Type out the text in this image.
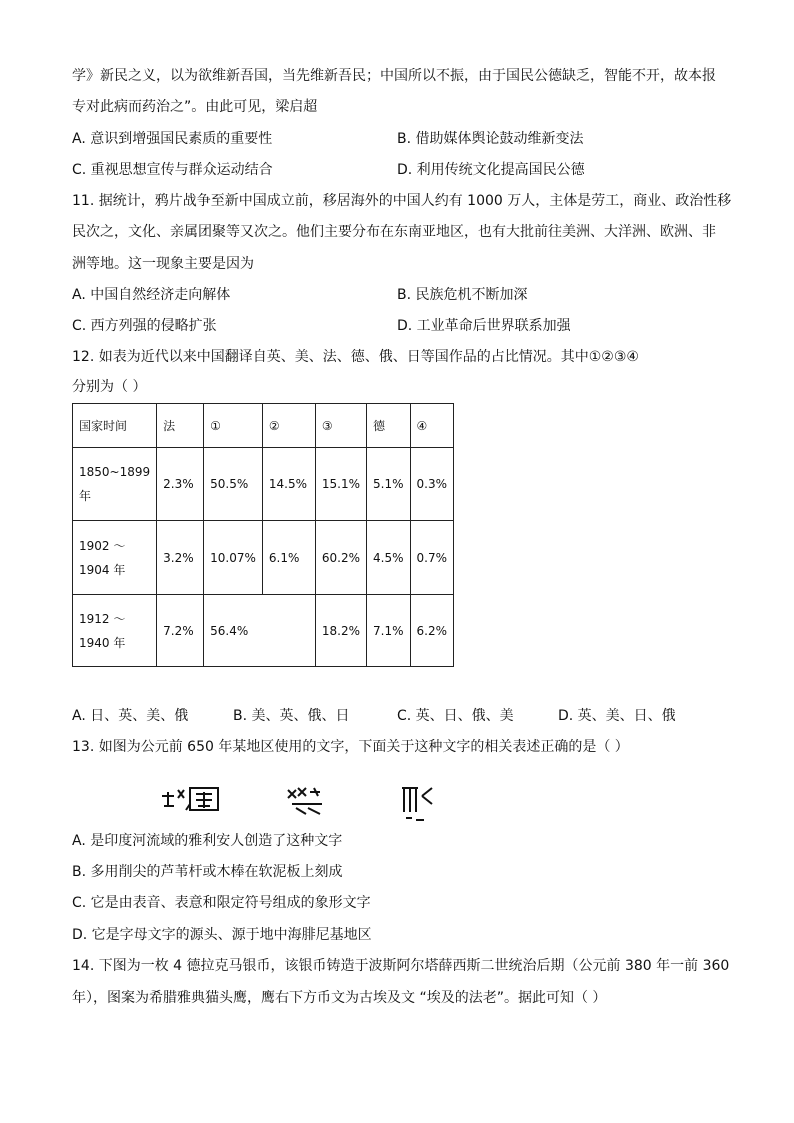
学》新民之义，以为欲维新吾国，当先维新吾民；中国所以不振，由于国民公德缺乏，智能不开，故本报
专对此病而药治之”。由此可见，梁启超
A. 意识到增强国民素质的重要性	B. 借助媒体舆论鼓动维新变法
C. 重视思想宣传与群众运动结合	D. 利用传统文化提高国民公德
11. 据统计，鸦片战争至新中国成立前，移居海外的中国人约有 1000 万人，主体是劳工，商业、政治性移
民次之，文化、亲属团聚等又次之。他们主要分布在东南亚地区，也有大批前往美洲、大洋洲、欧洲、非
洲等地。这一现象主要是因为
A. 中国自然经济走向解体	B. 民族危机不断加深
C. 西方列强的侵略扩张	D. 工业革命后世界联系加强
12. 如表为近代以来中国翻译自英、美、法、德、俄、日等国作品的占比情况。其中①②③④
分别为（ ）
国家时间	法	①	②	③	德	④

1850~1899
年	2.3%	50.5%	14.5%	15.1%	5.1%	0.3%

1902 ～
1904 年	3.2%	10.07%	6.1%	60.2%	4.5%	0.7%

1912 ～
1940 年	7.2%	56.4%		18.2%	7.1%	6.2%
A. 日、英、美、俄	B. 美、英、俄、日	C. 英、日、俄、美	D. 英、美、日、俄
13. 如图为公元前 650 年某地区使用的文字，下面关于这种文字的相关表述正确的是（ ）
A. 是印度河流域的雅利安人创造了这种文字
B. 多用削尖的芦苇杆或木棒在软泥板上刻成
C. 它是由表音、表意和限定符号组成的象形文字
D. 它是字母文字的源头、源于地中海腓尼基地区
14. 下图为一枚 4 德拉克马银币，该银币铸造于波斯阿尔塔薛西斯二世统治后期（公元前 380 年一前 360
年），图案为希腊雅典猫头鹰，鹰右下方币文为古埃及文 “埃及的法老”。据此可知（ ）
